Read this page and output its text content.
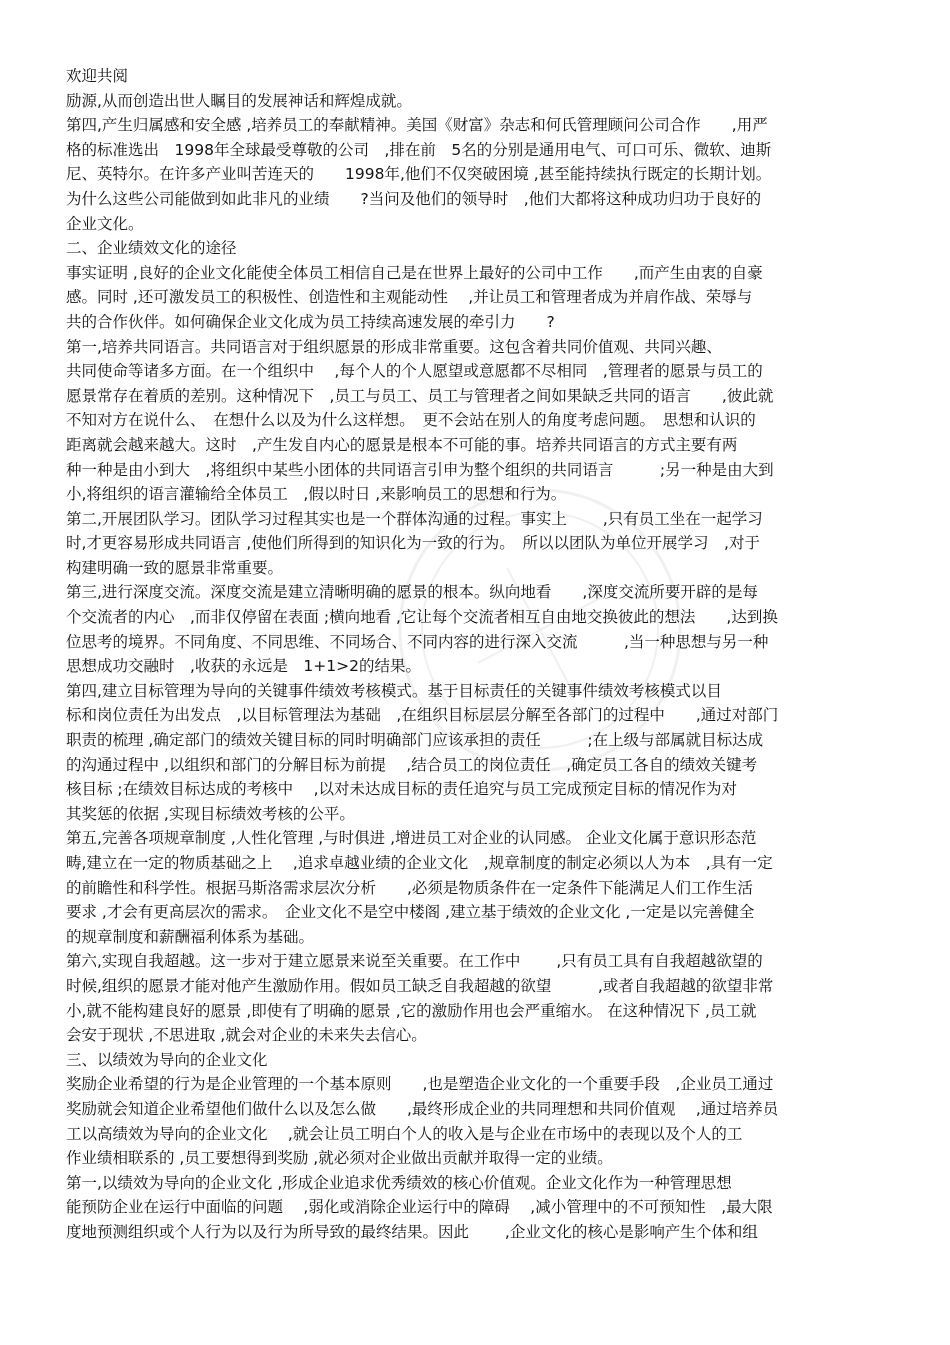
欢迎共阅
励源,从而创造出世人瞩目的发展神话和辉煌成就。
第四,产生归属感和安全感 ,培养员工的奉献精神。美国《财富》杂志和何氏管理顾问公司合作　　,用严
格的标准选出　1998年全球最受尊敬的公司　,排在前　5名的分别是通用电气、可口可乐、微软、迪斯
尼、英特尔。在许多产业叫苦连天的　　1998年,他们不仅突破困境 ,甚至能持续执行既定的长期计划。
为什么这些公司能做到如此非凡的业绩　　?当问及他们的领导时　,他们大都将这种成功归功于良好的
企业文化。
二、企业绩效文化的途径
事实证明 ,良好的企业文化能使全体员工相信自己是在世界上最好的公司中工作　　,而产生由衷的自豪
感。同时 ,还可激发员工的积极性、创造性和主观能动性　 ,并让员工和管理者成为并肩作战、荣辱与
共的合作伙伴。如何确保企业文化成为员工持续高速发展的牵引力　　?
第一,培养共同语言。共同语言对于组织愿景的形成非常重要。这包含着共同价值观、共同兴趣、
共同使命等诸多方面。在一个组织中　 ,每个人的个人愿望或意愿都不尽相同　,管理者的愿景与员工的
愿景常存在着质的差别。这种情况下　,员工与员工、员工与管理者之间如果缺乏共同的语言　　,彼此就
不知对方在说什么、　在想什么以及为什么这样想。　更不会站在别人的角度考虑问题。　思想和认识的
距离就会越来越大。这时　,产生发自内心的愿景是根本不可能的事。培养共同语言的方式主要有两
种一种是由小到大　,将组织中某些小团体的共同语言引申为整个组织的共同语言　　　;另一种是由大到
小,将组织的语言灌输给全体员工　,假以时日 ,来影响员工的思想和行为。
第二,开展团队学习。团队学习过程其实也是一个群体沟通的过程。事实上　　 ,只有员工坐在一起学习
时,才更容易形成共同语言 ,使他们所得到的知识化为一致的行为。　所以以团队为单位开展学习　,对于
构建明确一致的愿景非常重要。
第三,进行深度交流。深度交流是建立清晰明确的愿景的根本。纵向地看　　,深度交流所要开辟的是每
个交流者的内心　,而非仅停留在表面 ;横向地看 ,它让每个交流者相互自由地交换彼此的想法　　,达到换
位思考的境界。不同角度、不同思维、不同场合、不同内容的进行深入交流　　　,当一种思想与另一种
思想成功交融时　,收获的永远是　1+1>2的结果。
第四,建立目标管理为导向的关键事件绩效考核模式。基于目标责任的关键事件绩效考核模式以目
标和岗位责任为出发点　,以目标管理法为基础　,在组织目标层层分解至各部门的过程中　　,通过对部门
职责的梳理 ,确定部门的绩效关键目标的同时明确部门应该承担的责任　　　;在上级与部属就目标达成
的沟通过程中 ,以组织和部门的分解目标为前提　 ,结合员工的岗位责任　,确定员工各自的绩效关键考
核目标 ;在绩效目标达成的考核中　 ,以对未达成目标的责任追究与员工完成预定目标的情况作为对
其奖惩的依据 ,实现目标绩效考核的公平。
第五,完善各项规章制度 ,人性化管理 ,与时俱进 ,增进员工对企业的认同感。 企业文化属于意识形态范
畴,建立在一定的物质基础之上　 ,追求卓越业绩的企业文化　,规章制度的制定必须以人为本　,具有一定
的前瞻性和科学性。根据马斯洛需求层次分析　　,必须是物质条件在一定条件下能满足人们工作生活
要求 ,才会有更高层次的需求。　企业文化不是空中楼阁 ,建立基于绩效的企业文化 ,一定是以完善健全
的规章制度和薪酬福利体系为基础。
第六,实现自我超越。这一步对于建立愿景来说至关重要。在工作中　　 ,只有员工具有自我超越欲望的
时候,组织的愿景才能对他产生激励作用。假如员工缺乏自我超越的欲望　　　,或者自我超越的欲望非常
小,就不能构建良好的愿景 ,即使有了明确的愿景 ,它的激励作用也会严重缩水。 在这种情况下 ,员工就
会安于现状 ,不思进取 ,就会对企业的未来失去信心。
三、以绩效为导向的企业文化
奖励企业希望的行为是企业管理的一个基本原则　　,也是塑造企业文化的一个重要手段　,企业员工通过
奖励就会知道企业希望他们做什么以及怎么做　　,最终形成企业的共同理想和共同价值观　 ,通过培养员
工以高绩效为导向的企业文化　 ,就会让员工明白个人的收入是与企业在市场中的表现以及个人的工
作业绩相联系的 ,员工要想得到奖励 ,就必须对企业做出贡献并取得一定的业绩。
第一,以绩效为导向的企业文化 ,形成企业追求优秀绩效的核心价值观。企业文化作为一种管理思想
能预防企业在运行中面临的问题　 ,弱化或消除企业运行中的障碍　 ,减小管理中的不可预知性　,最大限
度地预测组织或个人行为以及行为所导致的最终结果。因此　　 ,企业文化的核心是影响产生个体和组
